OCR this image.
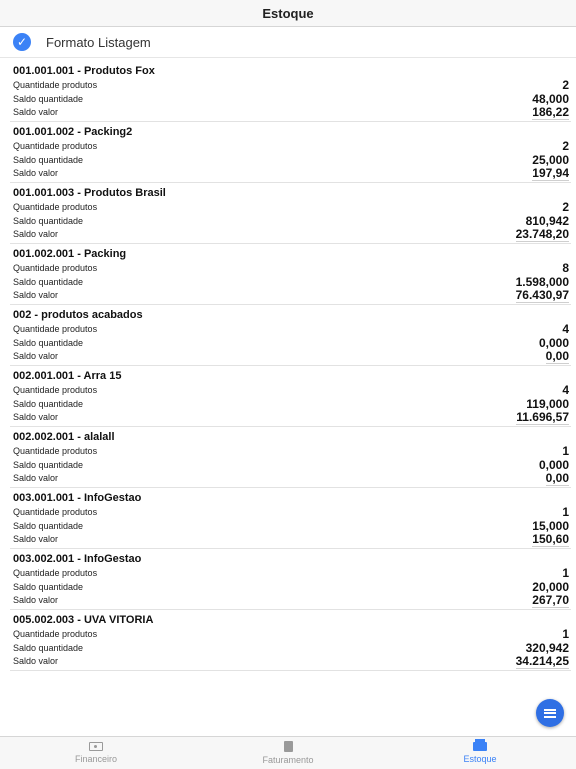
Estoque
✓	Formato Listagem
001.001.001 - Produtos Fox
Quantidade produtos	2
Saldo quantidade	48,000
Saldo valor	186,22
001.001.002 - Packing2
Quantidade produtos	2
Saldo quantidade	25,000
Saldo valor	197,94
001.001.003 - Produtos Brasil
Quantidade produtos	2
Saldo quantidade	810,942
Saldo valor	23.748,20
001.002.001 - Packing
Quantidade produtos	8
Saldo quantidade	1.598,000
Saldo valor	76.430,97
002 - produtos acabados
Quantidade produtos	4
Saldo quantidade	0,000
Saldo valor	0,00
002.001.001 - Arra 15
Quantidade produtos	4
Saldo quantidade	119,000
Saldo valor	11.696,57
002.002.001 - alalall
Quantidade produtos	1
Saldo quantidade	0,000
Saldo valor	0,00
003.001.001 - InfoGestao
Quantidade produtos	1
Saldo quantidade	15,000
Saldo valor	150,60
003.002.001 - InfoGestao
Quantidade produtos	1
Saldo quantidade	20,000
Saldo valor	267,70
005.002.003 - UVA VITORIA
Quantidade produtos	1
Saldo quantidade	320,942
Saldo valor	34.214,25
Financeiro	Faturamento	Estoque
